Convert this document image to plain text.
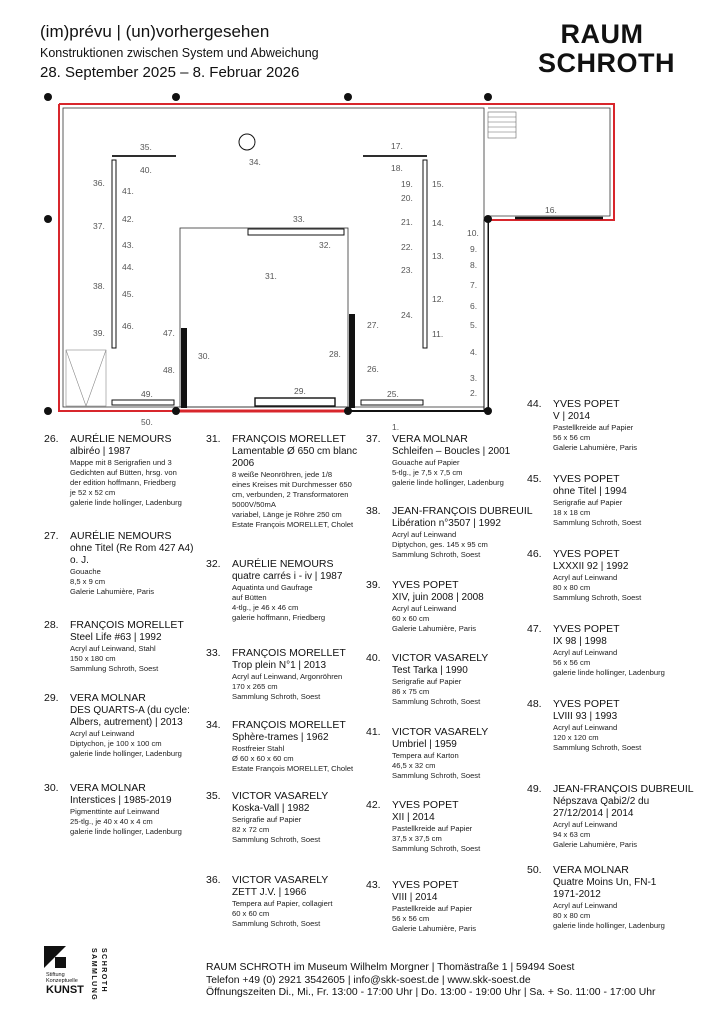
(im)prévu | (un)vorhergesehen
Konstruktionen zwischen System und Abweichung
28. September 2025 – 8. Februar 2026
RAUM
SCHROTH
1.
2.
3.
4.
5.
6.
7.
8.
9.
10.
11.
12.
13.
14.
15.
16.
17.
18.
19.
20.
21.
22.
23.
24.
25.
26.
27.
28.
29.
30.
31.
32.
33.
34.
35.
36.
37.
38.
39.
40.
41.
42.
43.
44.
45.
46.
47.
48.
49.
50.
26.	AURÉLIE NEMOURS
albiréo | 1987
Mappe mit 8 Serigrafien und 3
Gedichten auf Bütten, hrsg. von
der edition hoffmann, Friedberg
je 52 x 52 cm
galerie linde hollinger, Ladenburg
27.	AURÉLIE NEMOURS
ohne Titel (Re Rom 427 A4)
o. J.
Gouache
8,5 x 9 cm
Galerie Lahumière, Paris
28.	FRANÇOIS MORELLET
Steel Life #63 | 1992
Acryl auf Leinwand, Stahl
150 x 180 cm
Sammlung Schroth, Soest
29.	VERA MOLNAR
DES QUARTS-A (du cycle:
Albers, autrement) | 2013
Acryl auf Leinwand
Diptychon, je 100 x 100 cm
galerie linde hollinger, Ladenburg
30.	VERA MOLNAR
Interstices | 1985-2019
Pigmenttinte auf Leinwand
25-tlg., je 40 x 40 x 4 cm
galerie linde hollinger, Ladenburg
31.	FRANÇOIS MORELLET
Lamentable Ø 650 cm blanc
2006
8 weiße Neonröhren, jede 1/8
eines Kreises mit Durchmesser 650
cm, verbunden, 2 Transformatoren
5000V/50mA
variabel, Länge je Röhre 250 cm
Estate François MORELLET, Cholet
32.	AURÉLIE NEMOURS
quatre carrés i - iv | 1987
Aquatinta und Gaufrage
auf Bütten
4-tlg., je 46 x 46 cm
galerie hoffmann, Friedberg
33.	FRANÇOIS MORELLET
Trop plein N°1 | 2013
Acryl auf Leinwand, Argonröhren
170 x 265 cm
Sammlung Schroth, Soest
34.	FRANÇOIS MORELLET
Sphère-trames | 1962
Rostfreier Stahl
Ø 60 x 60 x 60 cm
Estate François MORELLET, Cholet
35.	VICTOR VASARELY
Koska-Vall | 1982
Serigrafie auf Papier
82 x 72 cm
Sammlung Schroth, Soest
36.	VICTOR VASARELY
ZETT J.V. | 1966
Tempera auf Papier, collagiert
60 x 60 cm
Sammlung Schroth, Soest
37.	VERA MOLNAR
Schleifen – Boucles | 2001
Gouache auf Papier
5-tlg., je 7,5 x 7,5 cm
galerie linde hollinger, Ladenburg
38.	JEAN-FRANÇOIS DUBREUIL
Libération n°3507 | 1992
Acryl auf Leinwand
Diptychon, ges. 145 x 95 cm
Sammlung Schroth, Soest
39.	YVES POPET
XIV, juin 2008 | 2008
Acryl auf Leinwand
60 x 60 cm
Galerie Lahumière, Paris
40.	VICTOR VASARELY
Test Tarka | 1990
Serigrafie auf Papier
86 x 75 cm
Sammlung Schroth, Soest
41.	VICTOR VASARELY
Umbriel | 1959
Tempera auf Karton
46,5 x 32 cm
Sammlung Schroth, Soest
42.	YVES POPET
XII | 2014
Pastellkreide auf Papier
37,5 x 37,5 cm
Sammlung Schroth, Soest
43.	YVES POPET
VIII | 2014
Pastellkreide auf Papier
56 x 56 cm
Galerie Lahumière, Paris
44.	YVES POPET
V | 2014
Pastellkreide auf Papier
56 x 56 cm
Galerie Lahumière, Paris
45.	YVES POPET
ohne Titel | 1994
Serigrafie auf Papier
18 x 18 cm
Sammlung Schroth, Soest
46.	YVES POPET
LXXXII 92 | 1992
Acryl auf Leinwand
80 x 80 cm
Sammlung Schroth, Soest
47.	YVES POPET
IX 98 | 1998
Acryl auf Leinwand
56 x 56 cm
galerie linde hollinger, Ladenburg
48.	YVES POPET
LVIII 93 | 1993
Acryl auf Leinwand
120 x 120 cm
Sammlung Schroth, Soest
49.	JEAN-FRANÇOIS DUBREUIL
Népszava Qabi2/2 du
27/12/2014 | 2014
Acryl auf Leinwand
94 x 63 cm
Galerie Lahumière, Paris
50.	VERA MOLNAR
Quatre Moins Un, FN-1
1971-2012
Acryl auf Leinwand
80 x 80 cm
galerie linde hollinger, Ladenburg
Stiftung
Konzeptuelle
KUNST SAMMLUNG SCHROTH	RAUM SCHROTH im Museum Wilhelm Morgner | Thomästraße 1 | 59494 Soest
Telefon +49 (0) 2921 3542605 | info@skk-soest.de | www.skk-soest.de
Öffnungszeiten Di., Mi., Fr. 13:00 - 17:00 Uhr | Do. 13:00 - 19:00 Uhr | Sa. + So. 11:00 - 17:00 Uhr
